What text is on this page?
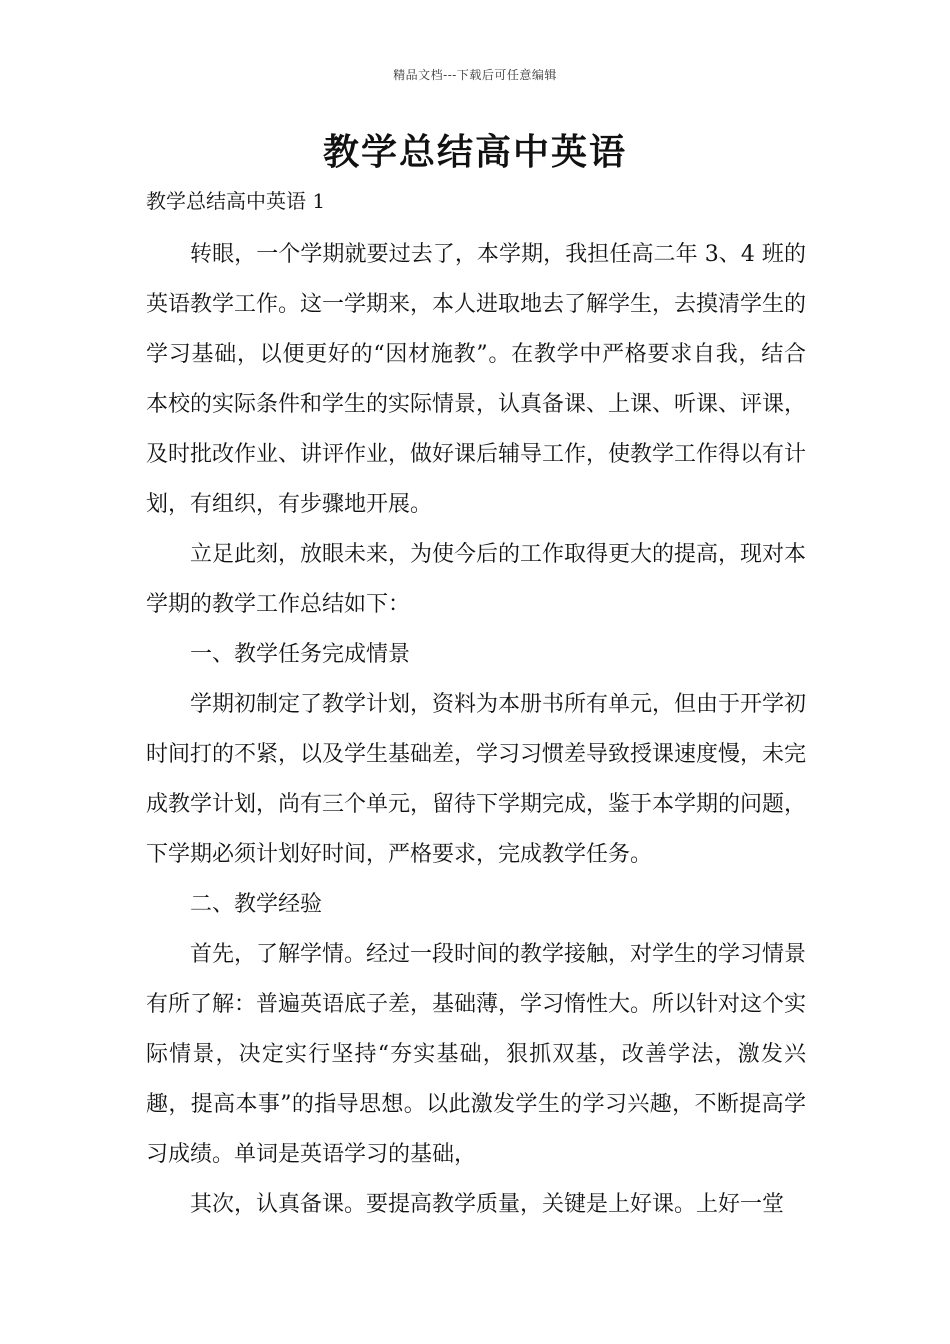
精品文档---下载后可任意编辑
教学总结高中英语
教学总结高中英语 1

转眼，一个学期就要过去了，本学期，我担任高二年 3、4 班的英语教学工作。这一学期来，本人进取地去了解学生，去摸清学生的学习基础，以便更好的“因材施教”。在教学中严格要求自我，结合本校的实际条件和学生的实际情景，认真备课、上课、听课、评课，及时批改作业、讲评作业，做好课后辅导工作，使教学工作得以有计划，有组织，有步骤地开展。

立足此刻，放眼未来，为使今后的工作取得更大的提高，现对本学期的教学工作总结如下：

一、教学任务完成情景

学期初制定了教学计划，资料为本册书所有单元，但由于开学初时间打的不紧，以及学生基础差，学习习惯差导致授课速度慢，未完成教学计划，尚有三个单元，留待下学期完成，鉴于本学期的问题，下学期必须计划好时间，严格要求，完成教学任务。

二、教学经验

首先，了解学情。经过一段时间的教学接触，对学生的学习情景有所了解：普遍英语底子差，基础薄，学习惰性大。所以针对这个实际情景，决定实行坚持“夯实基础，狠抓双基，改善学法，激发兴趣，提高本事”的指导思想。以此激发学生的学习兴趣，不断提高学习成绩。单词是英语学习的基础，

其次，认真备课。要提高教学质量，关键是上好课。上好一堂
